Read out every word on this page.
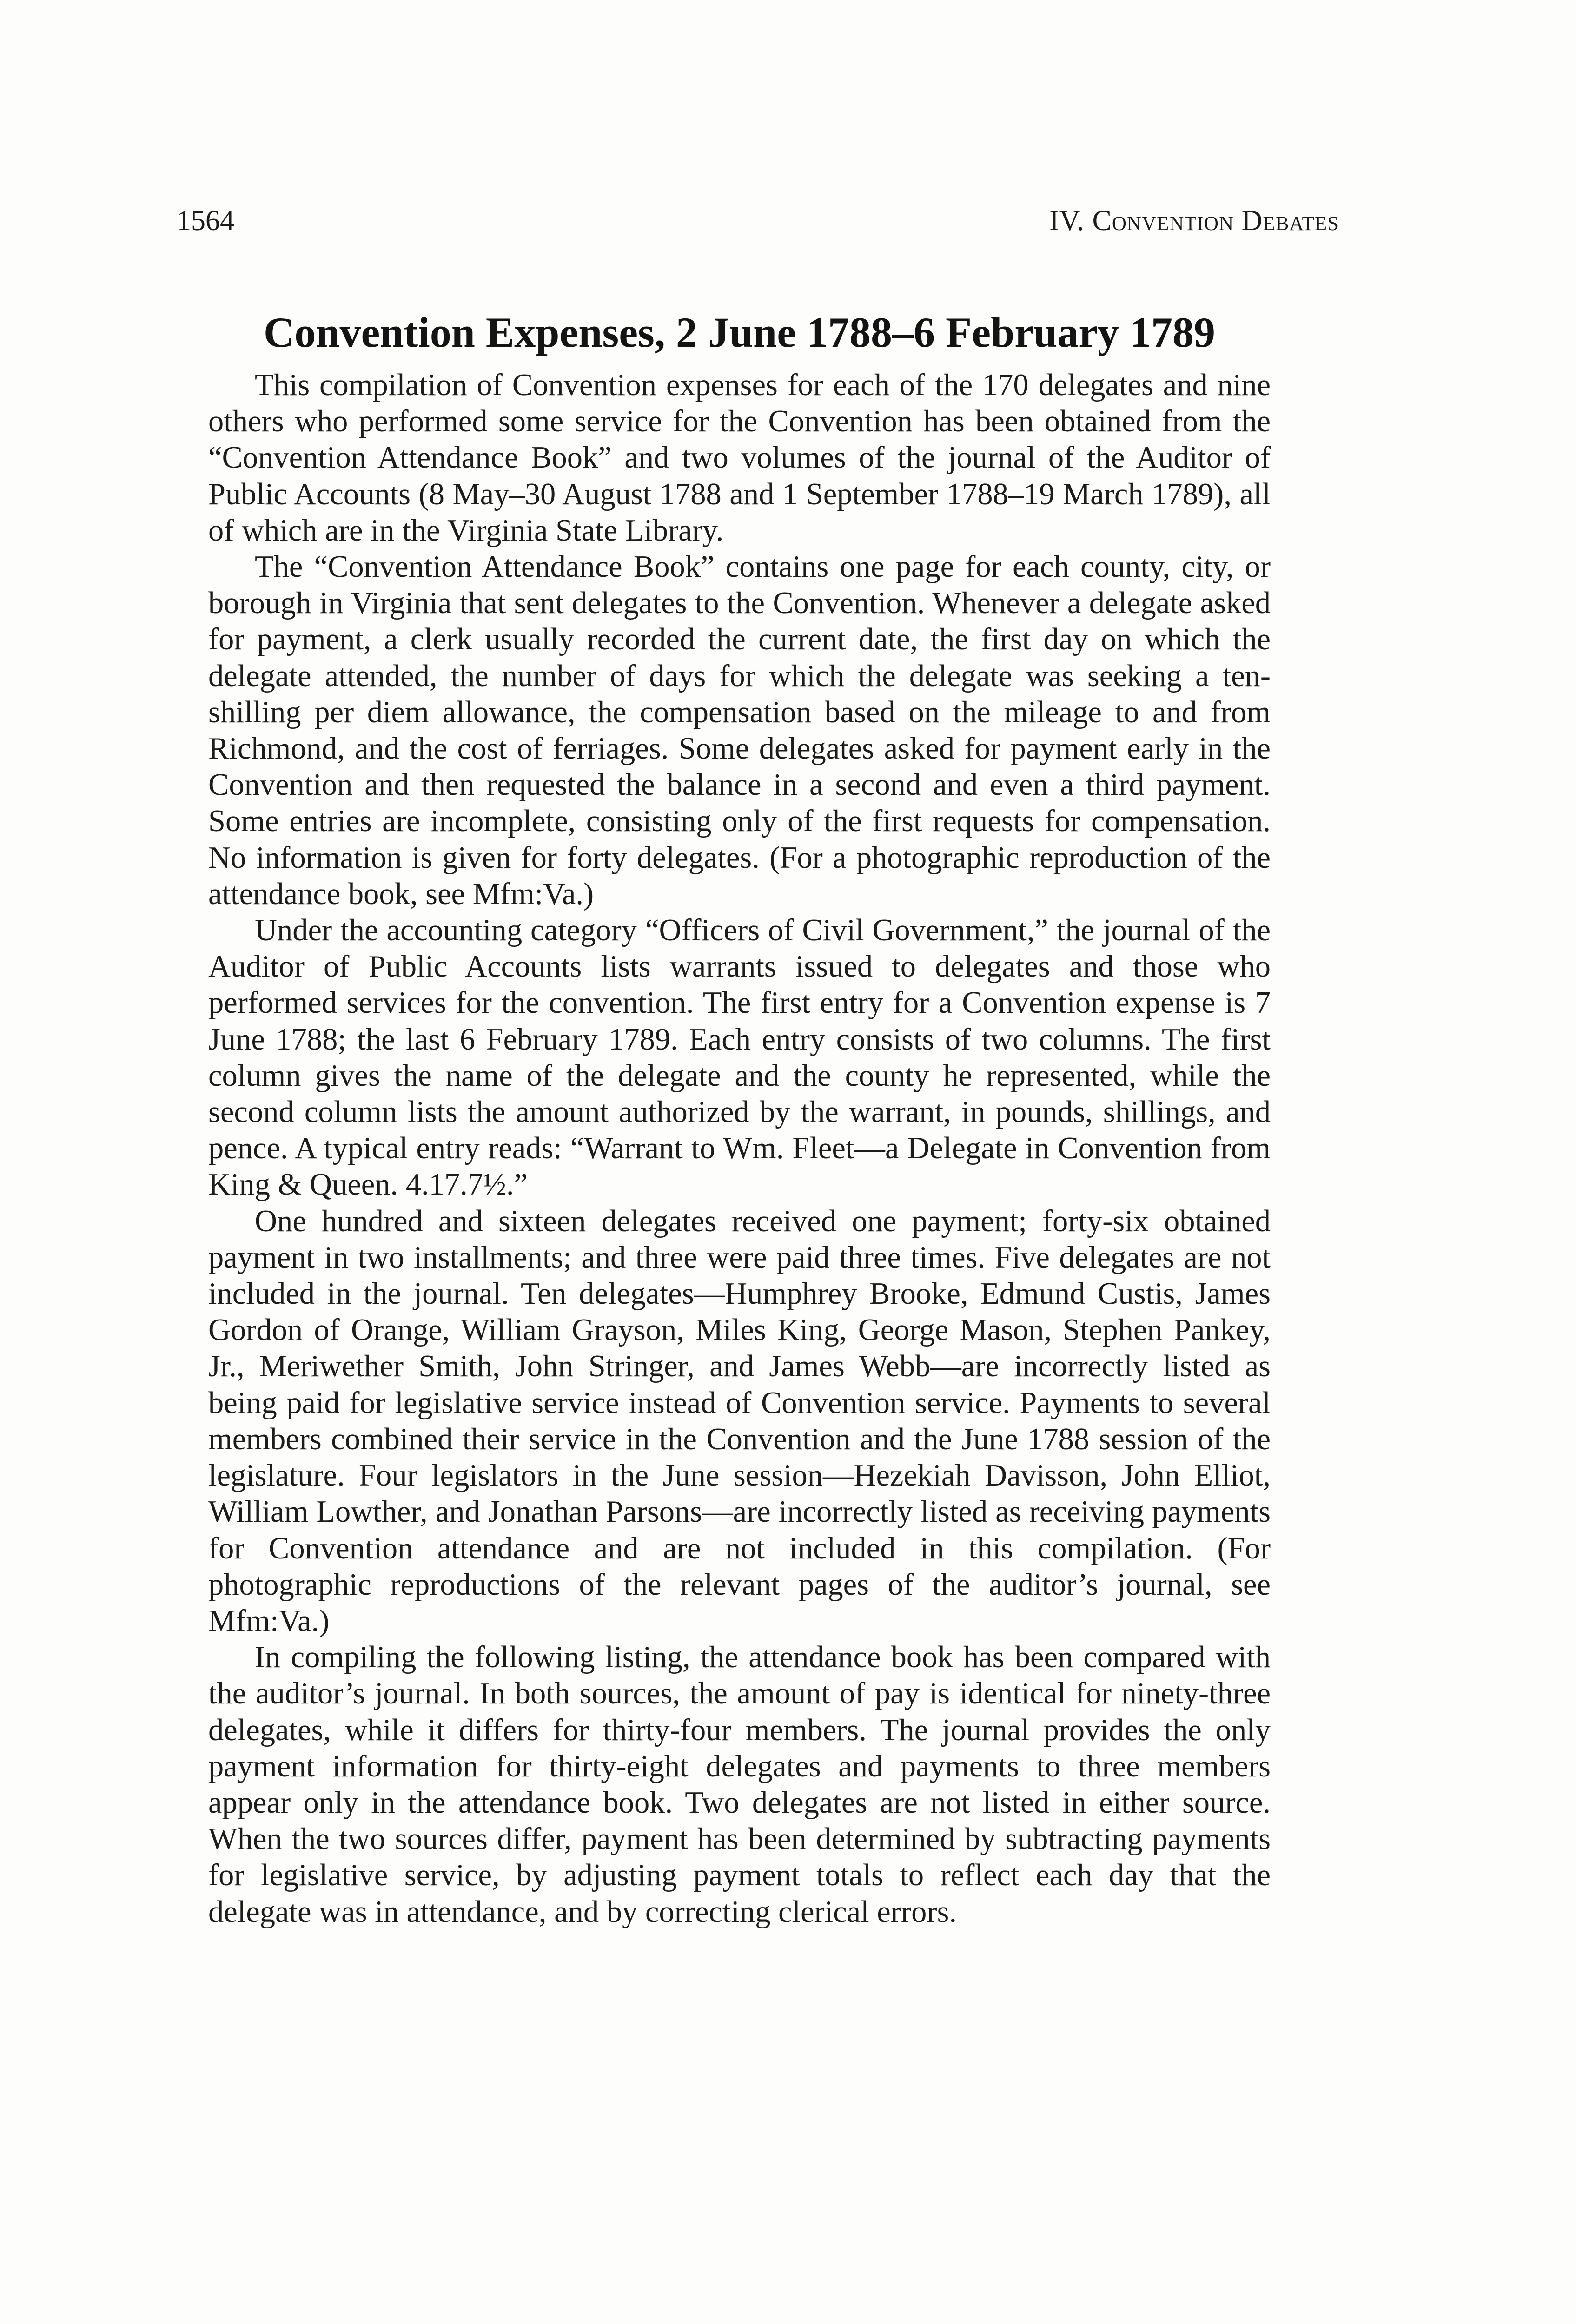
1564	IV. Convention Debates
Convention Expenses, 2 June 1788–6 February 1789

This compilation of Convention expenses for each of the 170 delegates and nine others who performed some service for the Convention has been obtained from the “Convention Attendance Book” and two volumes of the journal of the Auditor of Public Accounts (8 May–30 August 1788 and 1 September 1788–19 March 1789), all of which are in the Virginia State Library.

The “Convention Attendance Book” contains one page for each county, city, or borough in Virginia that sent delegates to the Convention. Whenever a delegate asked for payment, a clerk usually recorded the current date, the first day on which the delegate attended, the number of days for which the delegate was seeking a ten-shilling per diem allowance, the compensation based on the mileage to and from Richmond, and the cost of ferriages. Some delegates asked for payment early in the Convention and then requested the balance in a second and even a third payment. Some entries are incomplete, consisting only of the first requests for compensation. No information is given for forty delegates. (For a photographic reproduction of the attendance book, see Mfm:Va.)

Under the accounting category “Officers of Civil Government,” the journal of the Auditor of Public Accounts lists warrants issued to delegates and those who performed services for the convention. The first entry for a Convention expense is 7 June 1788; the last 6 February 1789. Each entry consists of two columns. The first column gives the name of the delegate and the county he represented, while the second column lists the amount authorized by the warrant, in pounds, shillings, and pence. A typical entry reads: “Warrant to Wm. Fleet—a Delegate in Convention from King & Queen. 4.17.7½.”

One hundred and sixteen delegates received one payment; forty-six obtained payment in two installments; and three were paid three times. Five delegates are not included in the journal. Ten delegates—Humphrey Brooke, Edmund Custis, James Gordon of Orange, William Grayson, Miles King, George Mason, Stephen Pankey, Jr., Meriwether Smith, John Stringer, and James Webb—are incorrectly listed as being paid for legislative service instead of Convention service. Payments to several members combined their service in the Convention and the June 1788 session of the legislature. Four legislators in the June session—Hezekiah Davisson, John Elliot, William Lowther, and Jonathan Parsons—are incorrectly listed as receiving payments for Convention attendance and are not included in this compilation. (For photographic reproductions of the relevant pages of the auditor’s journal, see Mfm:Va.)

In compiling the following listing, the attendance book has been compared with the auditor’s journal. In both sources, the amount of pay is identical for ninety-three delegates, while it differs for thirty-four members. The journal provides the only payment information for thirty-eight delegates and payments to three members appear only in the attendance book. Two delegates are not listed in either source. When the two sources differ, payment has been determined by subtracting payments for legislative service, by adjusting payment totals to reflect each day that the delegate was in attendance, and by correcting clerical errors.
